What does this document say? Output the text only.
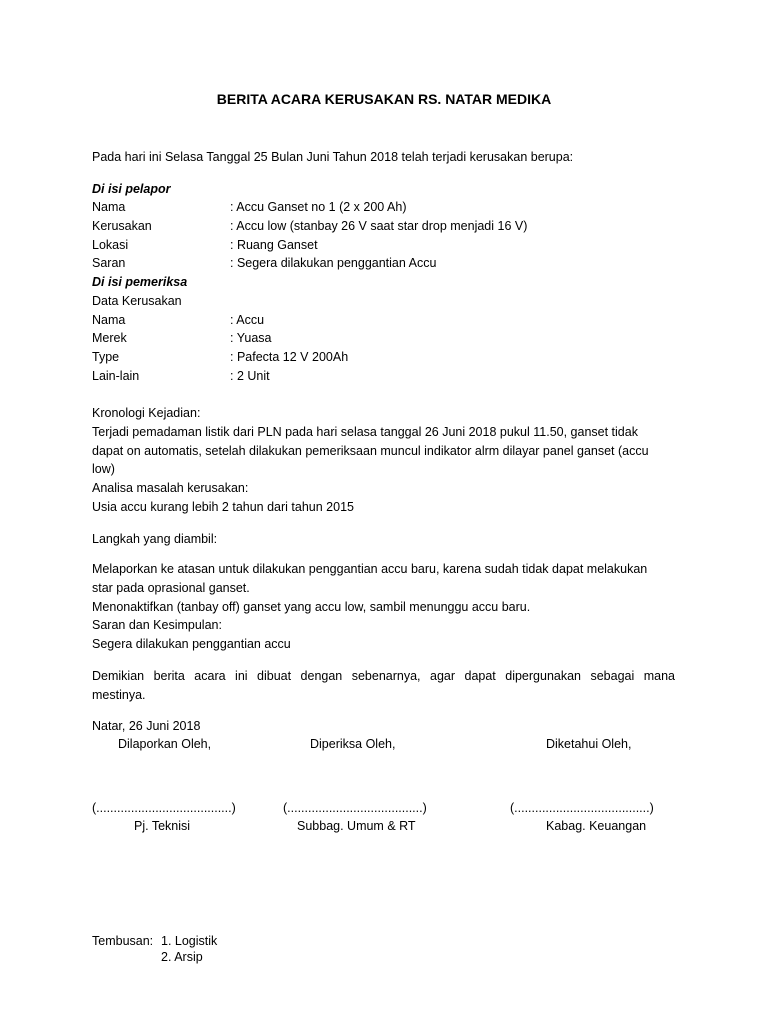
BERITA ACARA KERUSAKAN RS. NATAR MEDIKA
Pada hari ini Selasa Tanggal 25 Bulan Juni Tahun 2018 telah terjadi kerusakan berupa:
Di isi pelapor
Nama	: Accu Ganset no 1 (2 x 200 Ah)
Kerusakan	: Accu low (stanbay 26 V saat star drop menjadi 16 V)
Lokasi	: Ruang Ganset
Saran	: Segera dilakukan penggantian Accu
Di isi pemeriksa
Data Kerusakan
Nama	: Accu
Merek	: Yuasa
Type	: Pafecta 12 V 200Ah
Lain-lain	: 2 Unit
Kronologi Kejadian:
Terjadi pemadaman listik dari PLN pada hari selasa tanggal 26 Juni 2018 pukul 11.50, ganset tidak
dapat on automatis, setelah dilakukan pemeriksaan muncul indikator alrm dilayar panel ganset (accu
low)
Analisa masalah kerusakan:
Usia accu kurang lebih 2 tahun dari tahun 2015
Langkah yang diambil:
Melaporkan ke atasan untuk dilakukan penggantian accu baru, karena sudah tidak dapat melakukan
star pada oprasional ganset.
Menonaktifkan (tanbay off) ganset yang accu low, sambil menunggu accu baru.
Saran dan Kesimpulan:
Segera dilakukan penggantian accu
Demikian berita acara ini dibuat dengan sebenarnya, agar dapat dipergunakan sebagai mana
mestinya.
Natar, 26 Juni 2018
Dilaporkan Oleh,	Diperiksa Oleh,	Diketahui Oleh,
(.......................................)	(.......................................)	(.......................................)
Pj. Teknisi	Subbag. Umum & RT	Kabag. Keuangan
Tembusan: 1. Logistik
2. Arsip
